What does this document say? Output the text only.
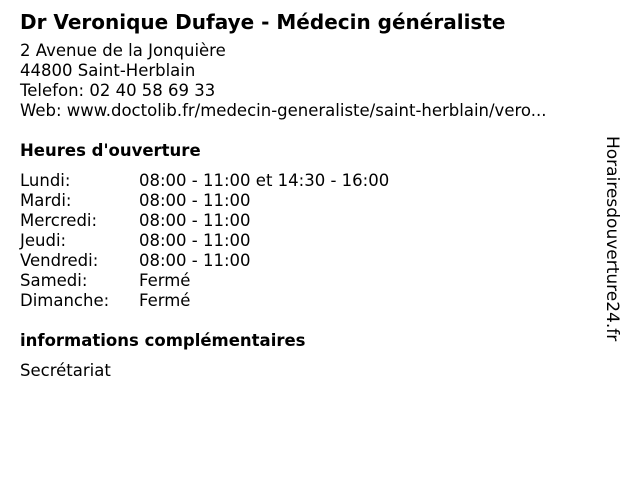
Dr Veronique Dufaye - Médecin généraliste
2 Avenue de la Jonquière
44800 Saint-Herblain
Telefon: 02 40 58 69 33
Web: www.doctolib.fr/medecin-generaliste/saint-herblain/vero...
Heures d'ouverture
Lundi:	08:00 - 11:00 et 14:30 - 16:00
Mardi:	08:00 - 11:00
Mercredi:	08:00 - 11:00
Jeudi:	08:00 - 11:00
Vendredi:	08:00 - 11:00
Samedi:	Fermé
Dimanche:	Fermé
informations complémentaires
Secrétariat
Horairesdouverture24.fr
